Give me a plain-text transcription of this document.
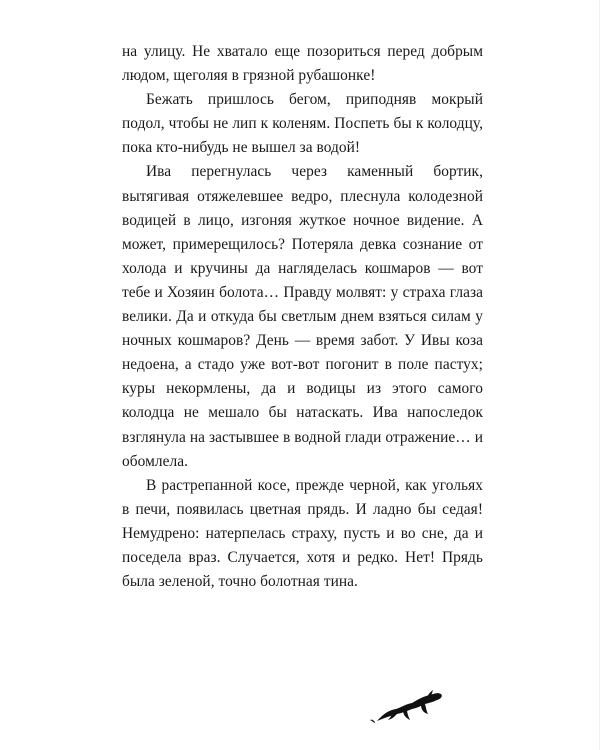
на улицу. Не хватало еще позориться перед добрым людом, щеголяя в грязной рубашонке!

Бежать пришлось бегом, приподняв мокрый подол, чтобы не лип к коленям. Поспеть бы к колодцу, пока кто-нибудь не вышел за водой!

Ива перегнулась через каменный бортик, вытягивая отяжелевшее ведро, плеснула колодезной водицей в лицо, изгоняя жуткое ночное видение. А может, примерещилось? Потеряла девка сознание от холода и кручины да нагляделась кошмаров — вот тебе и Хозяин болота… Правду молвят: у страха глаза велики. Да и откуда бы светлым днем взяться силам у ночных кошмаров? День — время забот. У Ивы коза недоена, а стадо уже вот-вот погонит в поле пастух; куры некормлены, да и водицы из этого самого колодца не мешало бы натаскать. Ива напоследок взглянула на застывшее в водной глади отражение… и обомлела.

В растрепанной косе, прежде черной, как угольях в печи, появилась цветная прядь. И ладно бы седая! Немудрено: натерпелась страху, пусть и во сне, да и поседела враз. Случается, хотя и редко. Нет! Прядь была зеленой, точно болотная тина.
